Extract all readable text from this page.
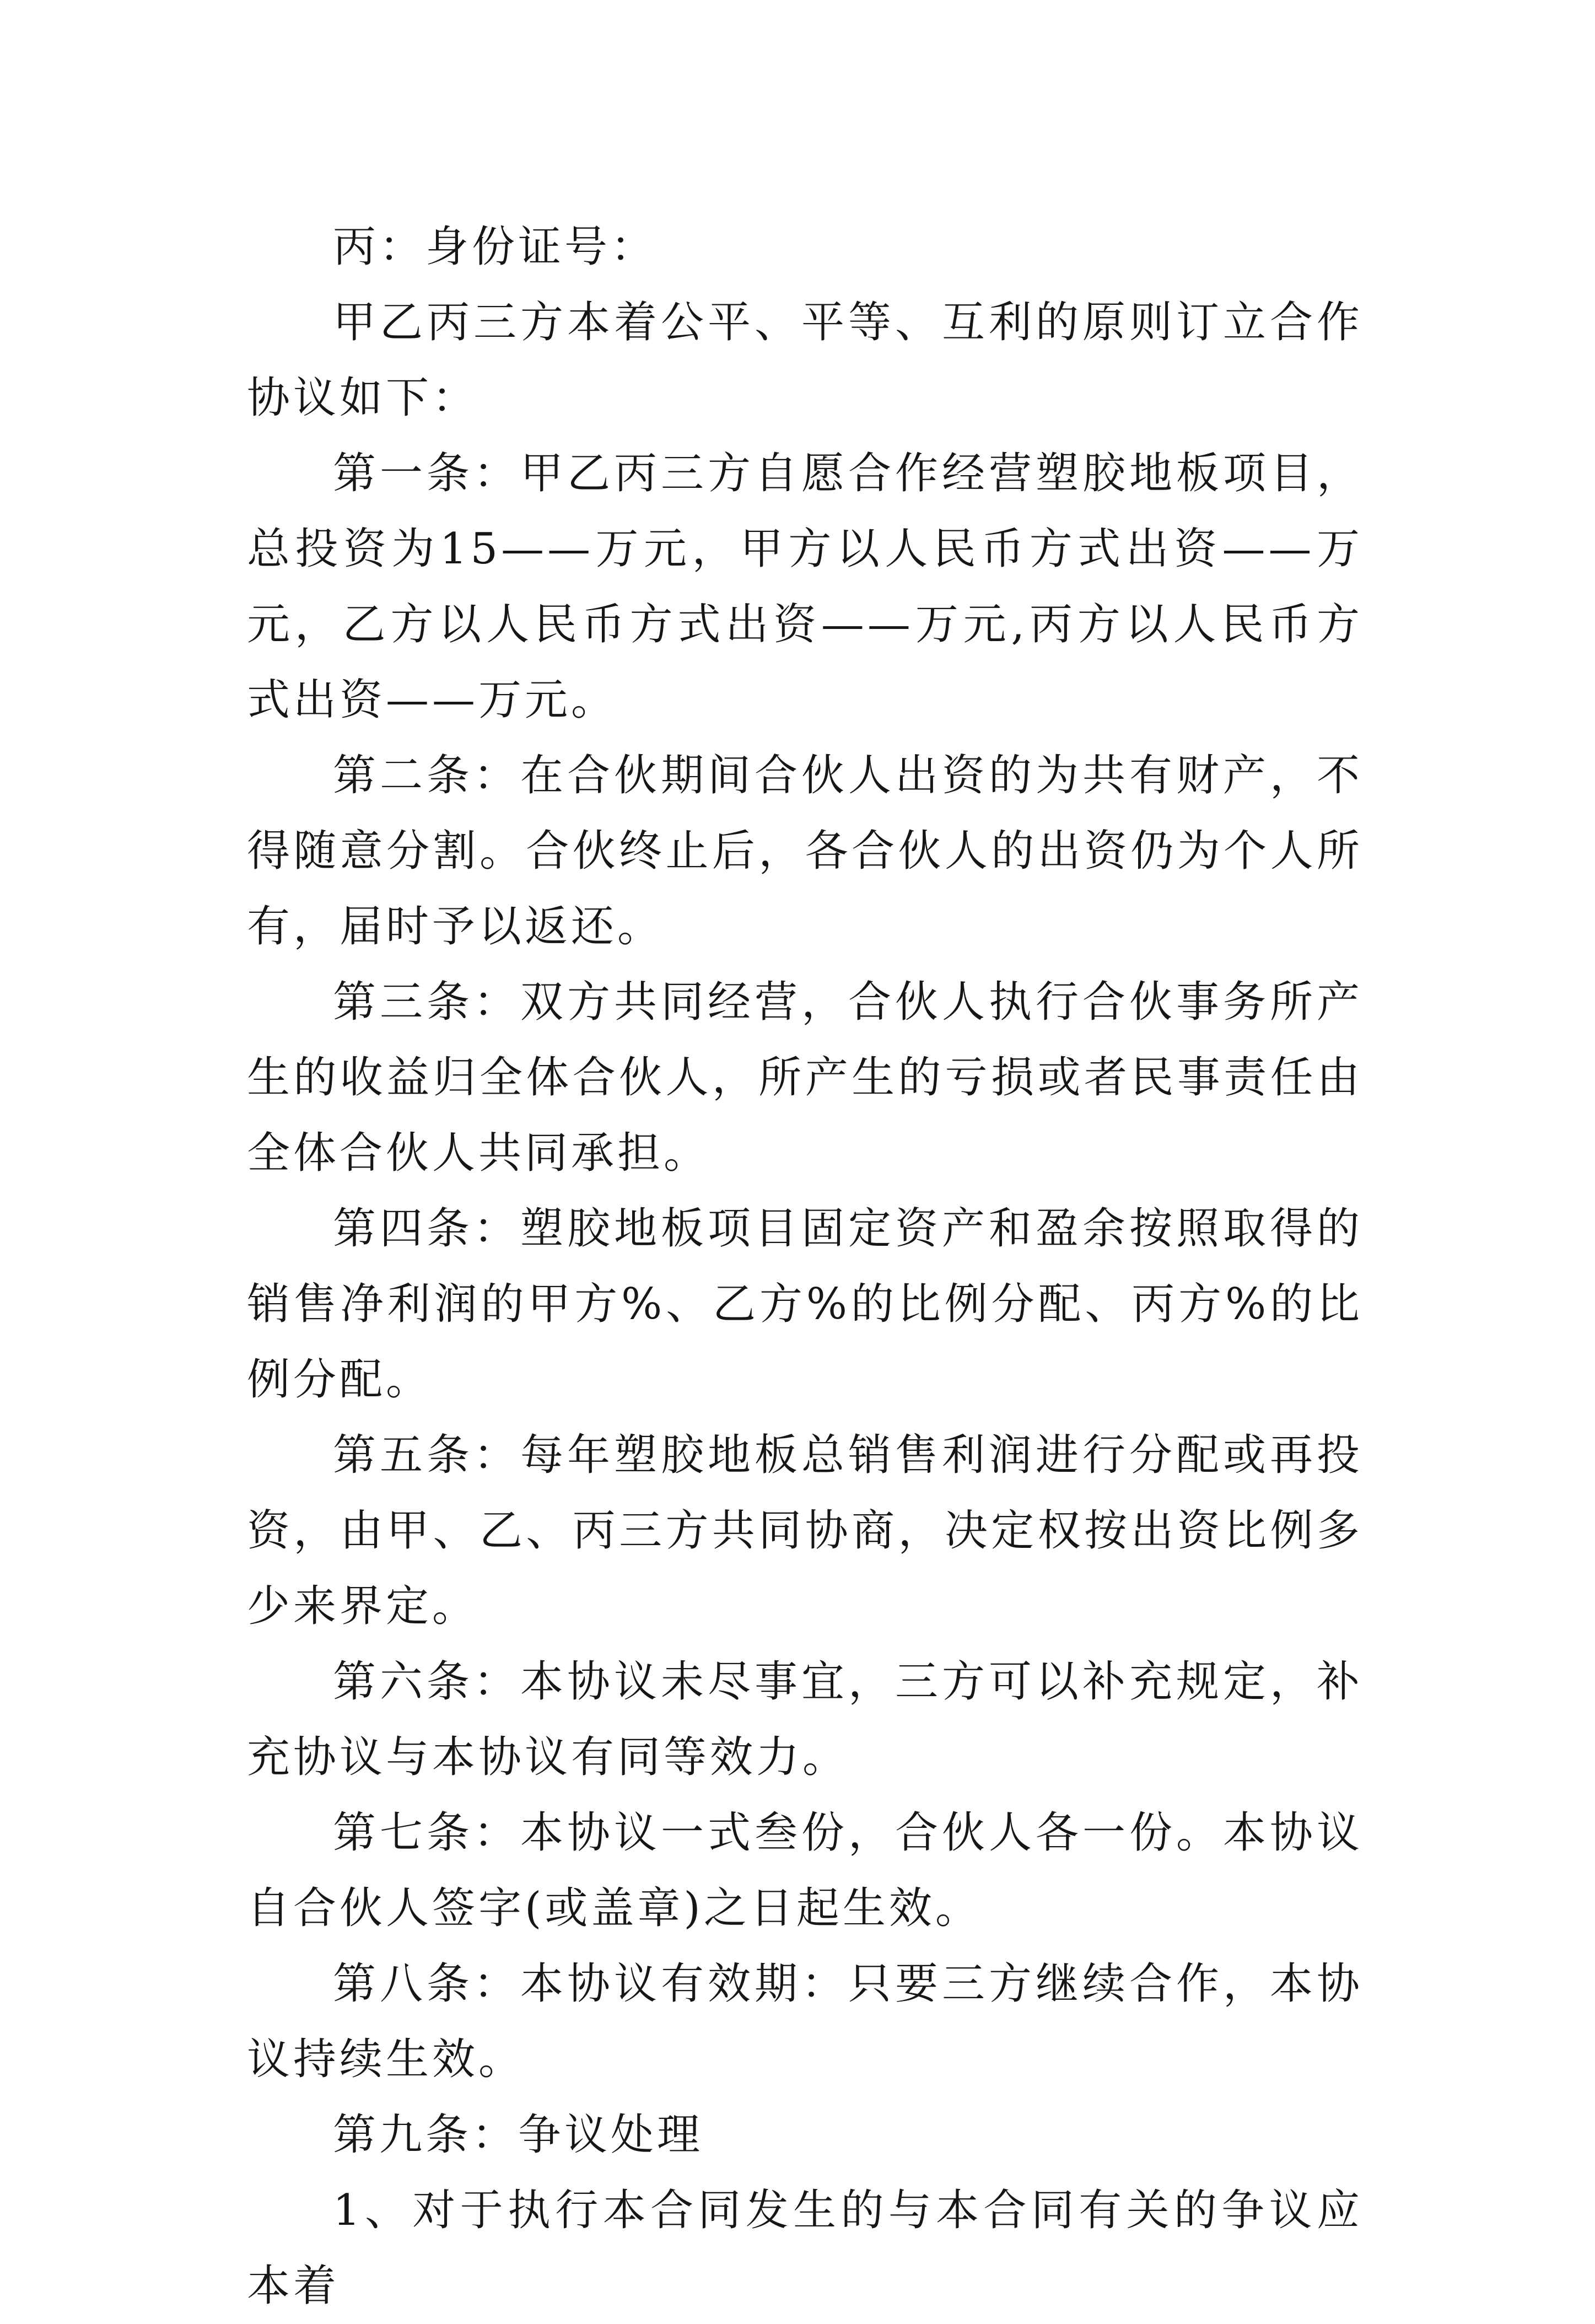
丙：身份证号：

甲乙丙三方本着公平、平等、互利的原则订立合作协议如下：

第一条：甲乙丙三方自愿合作经营塑胶地板项目，总投资为15——万元，甲方以人民币方式出资——万元，乙方以人民币方式出资——万元,丙方以人民币方式出资——万元。

第二条：在合伙期间合伙人出资的为共有财产，不得随意分割。合伙终止后，各合伙人的出资仍为个人所有，届时予以返还。

第三条：双方共同经营，合伙人执行合伙事务所产生的收益归全体合伙人，所产生的亏损或者民事责任由全体合伙人共同承担。

第四条：塑胶地板项目固定资产和盈余按照取得的销售净利润的甲方%、乙方%的比例分配、丙方%的比例分配。

第五条：每年塑胶地板总销售利润进行分配或再投资，由甲、乙、丙三方共同协商，决定权按出资比例多少来界定。

第六条：本协议未尽事宜，三方可以补充规定，补充协议与本协议有同等效力。

第七条：本协议一式叁份，合伙人各一份。本协议自合伙人签字(或盖章)之日起生效。

第八条：本协议有效期：只要三方继续合作，本协议持续生效。

第九条：争议处理

1、对于执行本合同发生的与本合同有关的争议应本着
